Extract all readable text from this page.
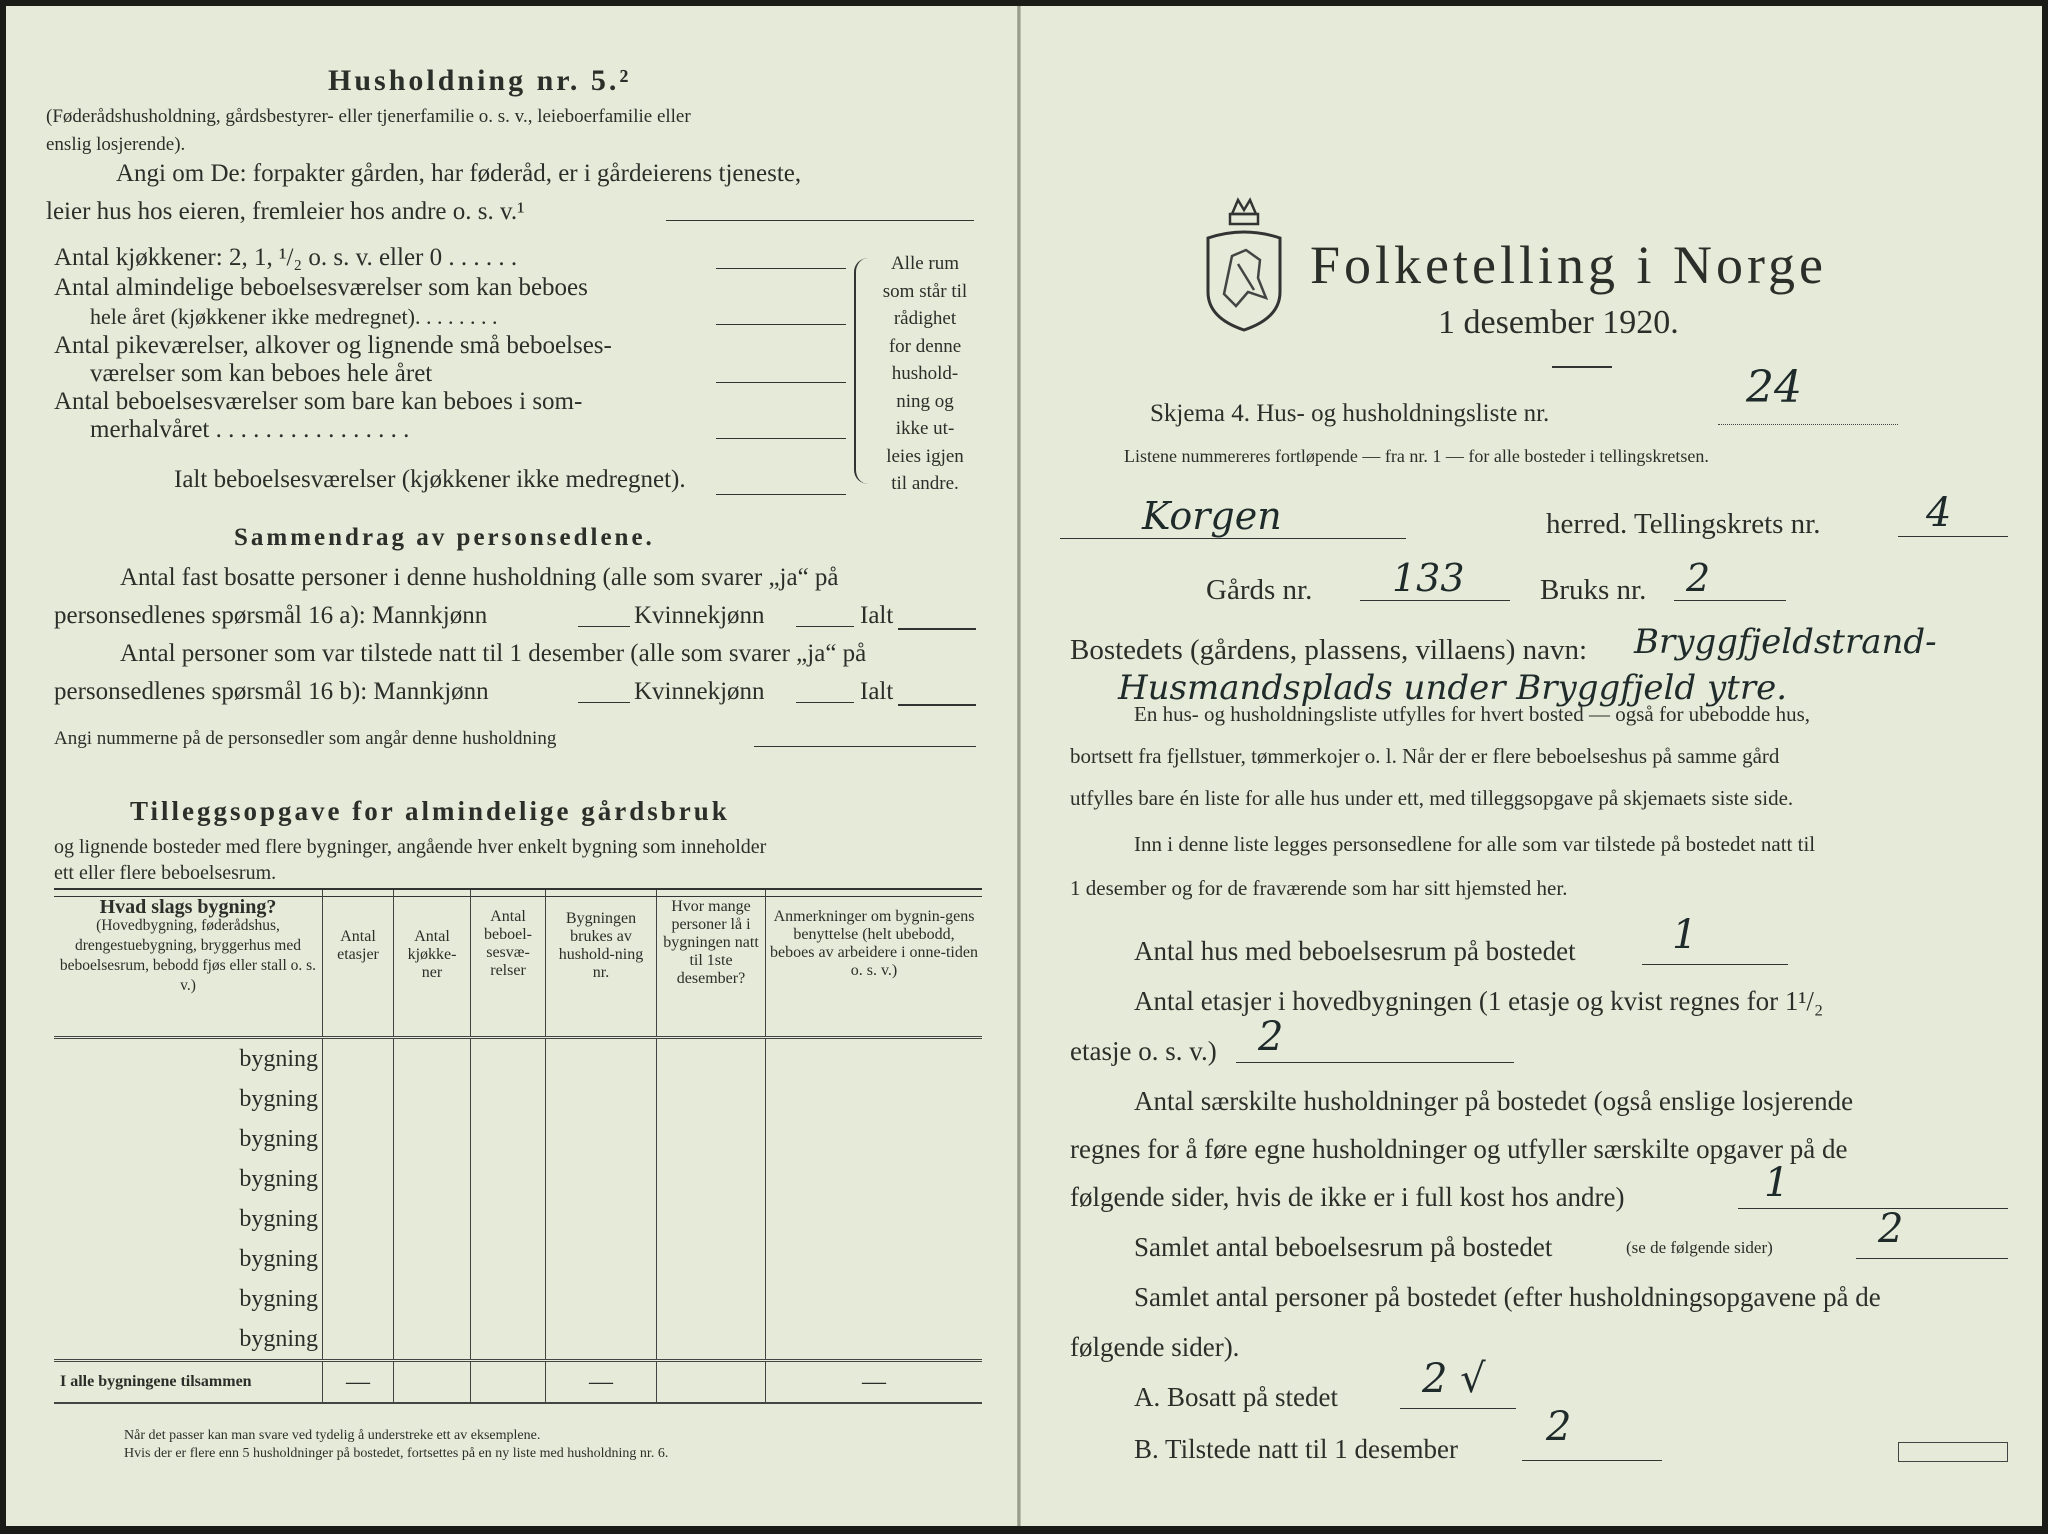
Husholdning nr. 5.²
(Føderådshusholdning, gårdsbestyrer- eller tjenerfamilie o. s. v., leieboerfamilie eller
enslig losjerende).
Angi om De: forpakter gården, har føderåd, er i gårdeierens tjeneste,
leier hus hos eieren, fremleier hos andre o. s. v.¹
Antal kjøkkener: 2, 1, ¹/₂ o. s. v. eller 0 . . . . . .
Antal almindelige beboelsesværelser som kan beboes
hele året (kjøkkener ikke medregnet). . . . . . . .
Antal pikeværelser, alkover og lignende små beboelses-
værelser som kan beboes hele året
Antal beboelsesværelser som bare kan beboes i som-
merhalvåret . . . . . . . . . . . . . . . .
Ialt beboelsesværelser (kjøkkener ikke medregnet).
Alle rum
som står til
rådighet
for denne
hushold-
ning og
ikke ut-
leies igjen
til andre.
Sammendrag av personsedlene.
Antal fast bosatte personer i denne husholdning (alle som svarer „ja“ på
personsedlenes spørsmål 16 a): Mannkjønn	Kvinnekjønn	Ialt
Antal personer som var tilstede natt til 1 desember (alle som svarer „ja“ på
personsedlenes spørsmål 16 b): Mannkjønn	Kvinnekjønn	Ialt
Angi nummerne på de personsedler som angår denne husholdning
Tilleggsopgave for almindelige gårdsbruk
og lignende bosteder med flere bygninger, angående hver enkelt bygning som inneholder
ett eller flere beboelsesrum.
Hvad slags bygning?
(Hovedbygning, føderådshus, drengestuebygning, bryggerhus med beboelsesrum, bebodd fjøs eller stall o. s. v.)	Antal etasjer	Antal kjøkke-ner	Antal beboel-sesvæ-relser	Bygningen brukes av hushold-ning nr.	Hvor mange personer lå i bygningen natt til 1ste desember?	Anmerkninger om bygnin-gens benyttelse (helt ubebodd, beboes av arbeidere i onne-tiden o. s. v.)

bygning						
bygning						
bygning						
bygning						
bygning						
bygning						
bygning						
bygning						
I alle bygningene tilsammen	—			—		—
Når det passer kan man svare ved tydelig å understreke ett av eksemplene.
Hvis der er flere enn 5 husholdninger på bostedet, fortsettes på en ny liste med husholdning nr. 6.
Folketelling i Norge
1 desember 1920.
Skjema 4. Hus- og husholdningsliste nr.
24
Listene nummereres fortløpende — fra nr. 1 — for alle bosteder i tellingskretsen.
Korgen	herred. Tellingskrets nr.	4
Gårds nr. 133	Bruks nr. 2
Bostedets (gårdens, plassens, villaens) navn: Bryggfjeldstrand-
Husmandsplads under Bryggfjeld ytre.
En hus- og husholdningsliste utfylles for hvert bosted — også for ubebodde hus,
bortsett fra fjellstuer, tømmerkojer o. l. Når der er flere beboelseshus på samme gård
utfylles bare én liste for alle hus under ett, med tilleggsopgave på skjemaets siste side.
Inn i denne liste legges personsedlene for alle som var tilstede på bostedet natt til
1 desember og for de fraværende som har sitt hjemsted her.
Antal hus med beboelsesrum på bostedet 1
Antal etasjer i hovedbygningen (1 etasje og kvist regnes for 1¹/₂
etasje o. s. v.) 2
Antal særskilte husholdninger på bostedet (også enslige losjerende
regnes for å føre egne husholdninger og utfyller særskilte opgaver på de
følgende sider, hvis de ikke er i full kost hos andre)	1
Samlet antal beboelsesrum på bostedet	(se de følgende sider)	2
Samlet antal personer på bostedet (efter husholdningsopgavene på de
følgende sider).
A. Bosatt på stedet 2 √
B. Tilstede natt til 1 desember 2
